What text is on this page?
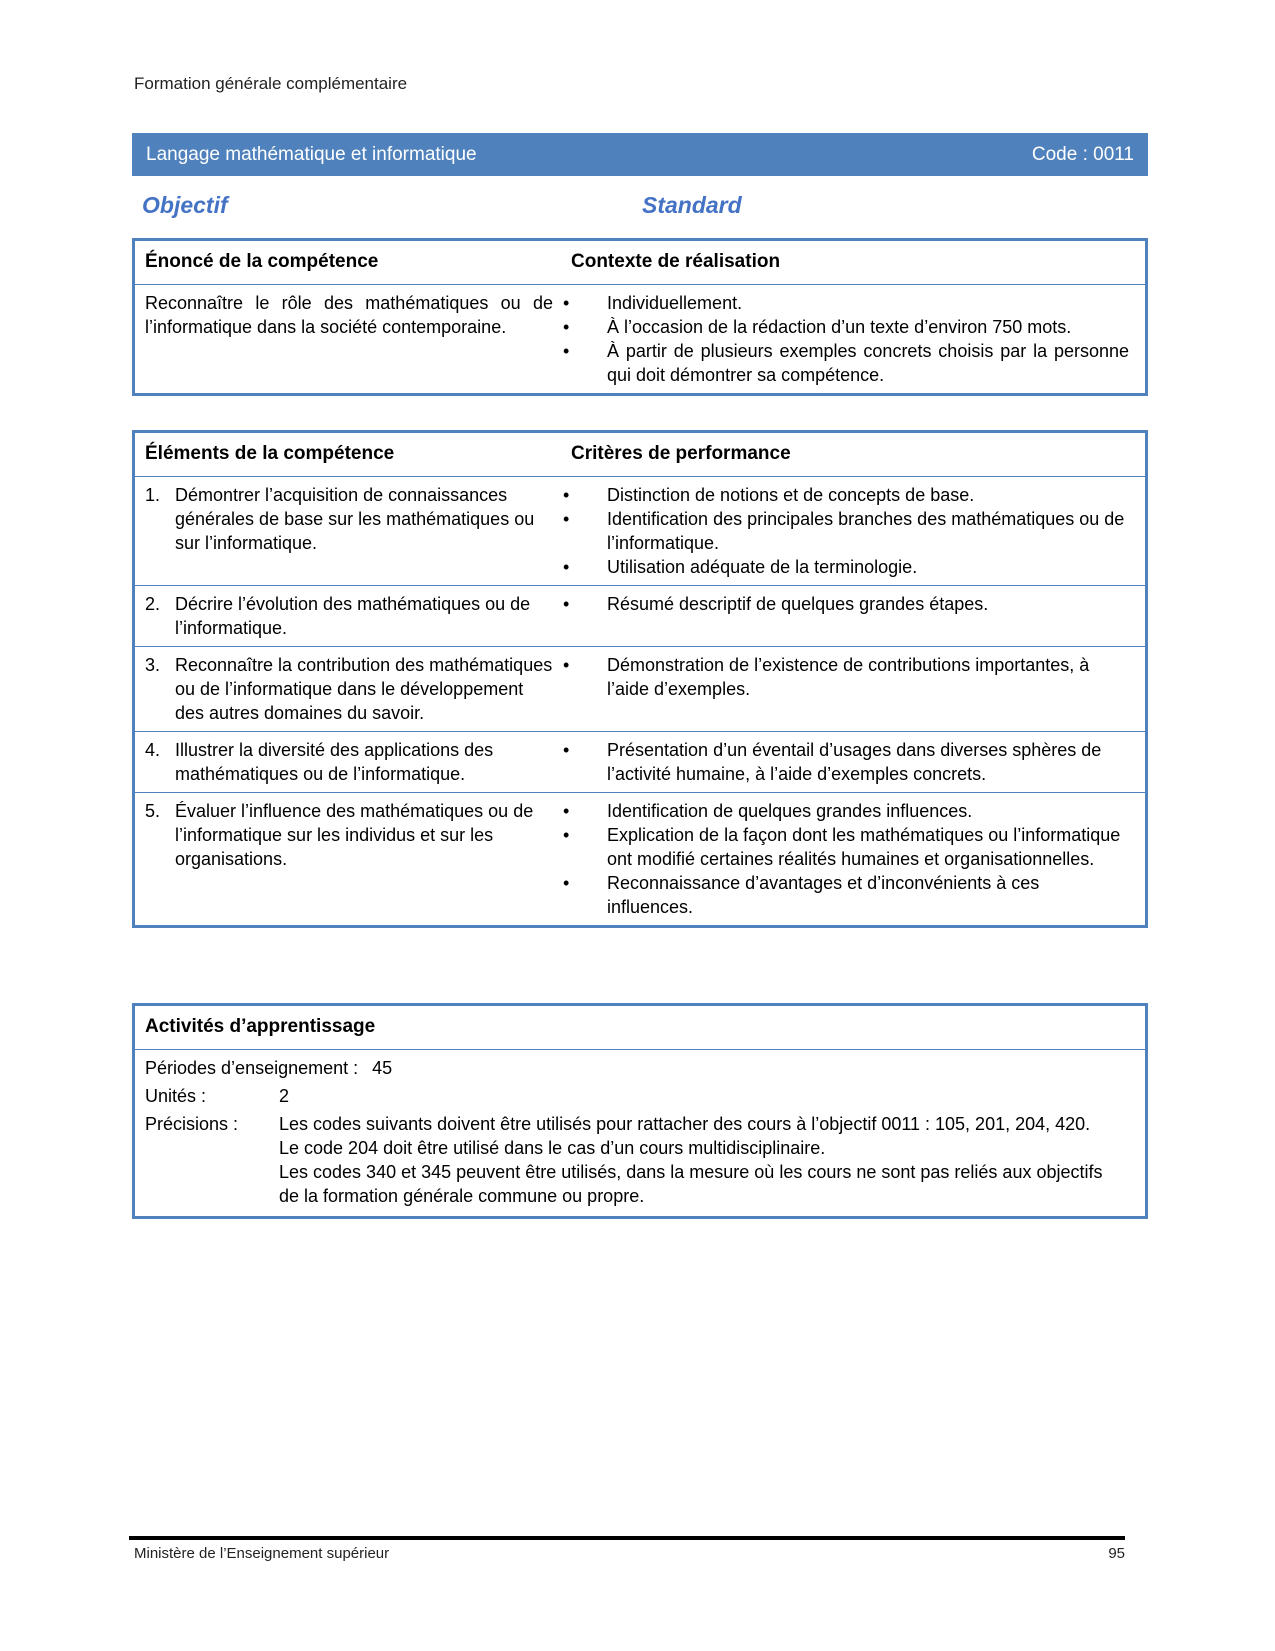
Formation générale complémentaire
Langage mathématique et informatique	Code : 0011
Objectif	Standard
Énoncé de la compétence	Contexte de réalisation
Reconnaître le rôle des mathématiques ou de l’informatique dans la société contemporaine.
•	Individuellement.
•	À l’occasion de la rédaction d’un texte d’environ 750 mots.
•	À partir de plusieurs exemples concrets choisis par la personne qui doit démontrer sa compétence.
Éléments de la compétence	Critères de performance
1. Démontrer l’acquisition de connaissances générales de base sur les mathématiques ou sur l’informatique.
•	Distinction de notions et de concepts de base.
•	Identification des principales branches des mathématiques ou de l’informatique.
•	Utilisation adéquate de la terminologie.
2. Décrire l’évolution des mathématiques ou de l’informatique.
•	Résumé descriptif de quelques grandes étapes.
3. Reconnaître la contribution des mathématiques ou de l’informatique dans le développement des autres domaines du savoir.
•	Démonstration de l’existence de contributions importantes, à l’aide d’exemples.
4. Illustrer la diversité des applications des mathématiques ou de l’informatique.
•	Présentation d’un éventail d’usages dans diverses sphères de l’activité humaine, à l’aide d’exemples concrets.
5. Évaluer l’influence des mathématiques ou de l’informatique sur les individus et sur les organisations.
•	Identification de quelques grandes influences.
•	Explication de la façon dont les mathématiques ou l’informatique ont modifié certaines réalités humaines et organisationnelles.
•	Reconnaissance d’avantages et d’inconvénients à ces influences.
Activités d’apprentissage
Périodes d’enseignement : 45
Unités :	2
Précisions :	Les codes suivants doivent être utilisés pour rattacher des cours à l’objectif 0011 : 105, 201, 204, 420.
Le code 204 doit être utilisé dans le cas d’un cours multidisciplinaire.
Les codes 340 et 345 peuvent être utilisés, dans la mesure où les cours ne sont pas reliés aux objectifs de la formation générale commune ou propre.
Ministère de l’Enseignement supérieur	95
